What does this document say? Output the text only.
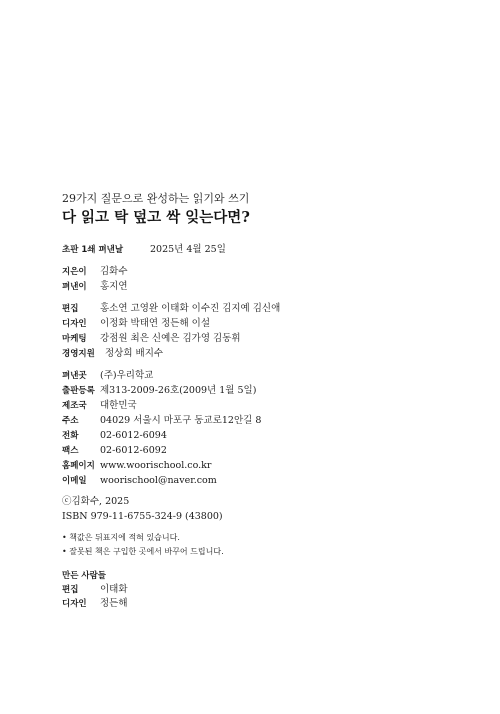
29가지 질문으로 완성하는 읽기와 쓰기
다 읽고 탁 덮고 싹 잊는다면?
초판 1쇄 펴낸날	2025년 4월 25일
지은이 김화수
펴낸이 홍지연
편집 홍소연 고영완 이태화 이수진 김지예 김신애
디자인 이정화 박태연 정든해 이설
마케팅 강점원 최은 신예은 김가영 김동휘
경영지원 정상희 배지수
펴낸곳 (주)우리학교
출판등록 제313-2009-26호(2009년 1월 5일)
제조국 대한민국
주소 04029 서울시 마포구 동교로12안길 8
전화 02-6012-6094
팩스 02-6012-6092
홈페이지 www.woorischool.co.kr
이메일 woorischool@naver.com
ⓒ김화수, 2025
ISBN 979-11-6755-324-9 (43800)
• 책값은 뒤표지에 적혀 있습니다.
• 잘못된 책은 구입한 곳에서 바꾸어 드립니다.
만든 사람들
편집 이태화
디자인 정든해
